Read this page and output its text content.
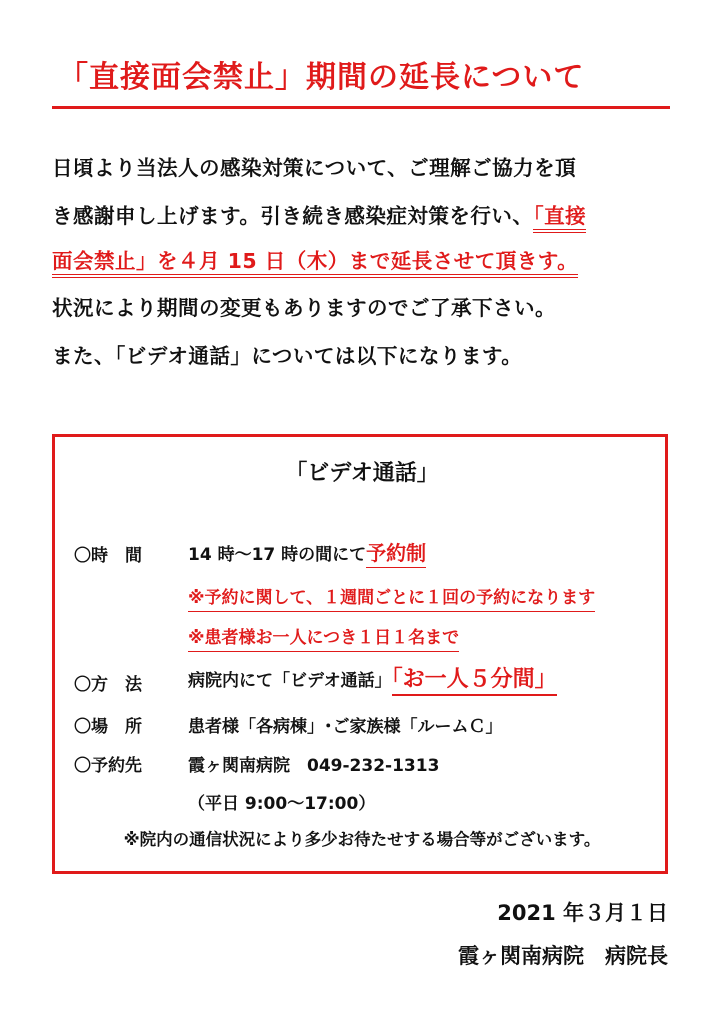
「直接面会禁止」期間の延長について
日頃より当法人の感染対策について、ご理解ご協力を頂
き感謝申し上げます。引き続き感染症対策を行い、「直接
面会禁止」を４月 15 日（木）まで延長させて頂きす。
状況により期間の変更もありますのでご了承下さい。
また、「ビデオ通話」については以下になります。
「ビデオ通話」
〇時　間	14 時～17 時の間にて予約制
※予約に関して、１週間ごとに１回の予約になります
※患者様お一人につき１日１名まで
〇方　法	病院内にて「ビデオ通話」「お一人５分間」
〇場　所	患者様「各病棟」･ご家族様「ルームＣ」
〇予約先	霞ヶ関南病院　049-232-1313
（平日 9:00～17:00）
※院内の通信状況により多少お待たせする場合等がございます。
2021 年３月１日
霞ヶ関南病院　病院長
